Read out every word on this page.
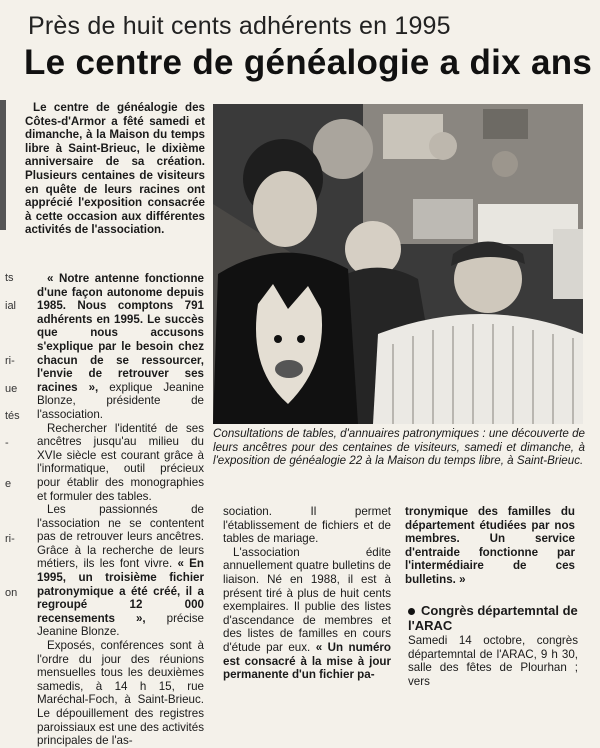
Près de huit cents adhérents en 1995
Le centre de généalogie a dix ans
Le centre de généalogie des Côtes-d'Armor a fêté samedi et dimanche, à la Maison du temps libre à Saint-Brieuc, le dixième anniversaire de sa création. Plusieurs centaines de visiteurs en quête de leurs racines ont apprécié l'exposition consacrée à cette occasion aux différentes activités de l'association.
Consultations de tables, d'annuaires patronymiques : une découverte de leurs ancêtres pour des centaines de visiteurs, samedi et dimanche, à l'exposition de généalogie 22 à la Maison du temps libre, à Saint-Brieuc.

« Notre antenne fonctionne d'une façon autonome depuis 1985. Nous comptons 791 adhérents en 1995. Le succès que nous accusons s'explique par le besoin chez chacun de se ressourcer, l'envie de retrouver ses racines », explique Jeanine Blonze, présidente de l'association.

Rechercher l'identité de ses ancêtres jusqu'au milieu du XVIe siècle est courant grâce à l'informatique, outil précieux pour établir des monographies et formuler des tables.

Les passionnés de l'association ne se contentent pas de retrouver leurs ancêtres. Grâce à la recherche de leurs métiers, ils les font vivre. « En 1995, un troisième fichier patronymique a été créé, il a regroupé 12 000 recensements », précise Jeanine Blonze.

Exposés, conférences sont à l'ordre du jour des réunions mensuelles tous les deuxièmes samedis, à 14 h 15, rue Maréchal-Foch, à Saint-Brieuc. Le dépouillement des registres paroissiaux est une des activités principales de l'as-

sociation. Il permet l'établissement de fichiers et de tables de mariage.

L'association édite annuellement quatre bulletins de liaison. Né en 1988, il est à présent tiré à plus de huit cents exemplaires. Il publie des listes d'ascendance de membres et des listes de familles en cours d'étude par eux. « Un numéro est consacré à la mise à jour permanente d'un fichier pa-

tronymique des familles du département étudiées par nos membres. Un service d'entraide fonctionne par l'intermédiaire de ces bulletins. »

Congrès départemntal de l'ARAC
Samedi 14 octobre, congrès départemntal de l'ARAC, 9 h 30, salle des fêtes de Plourhan ; vers
ts
ial
ri-
ue
tés
-
e
ri-
on
